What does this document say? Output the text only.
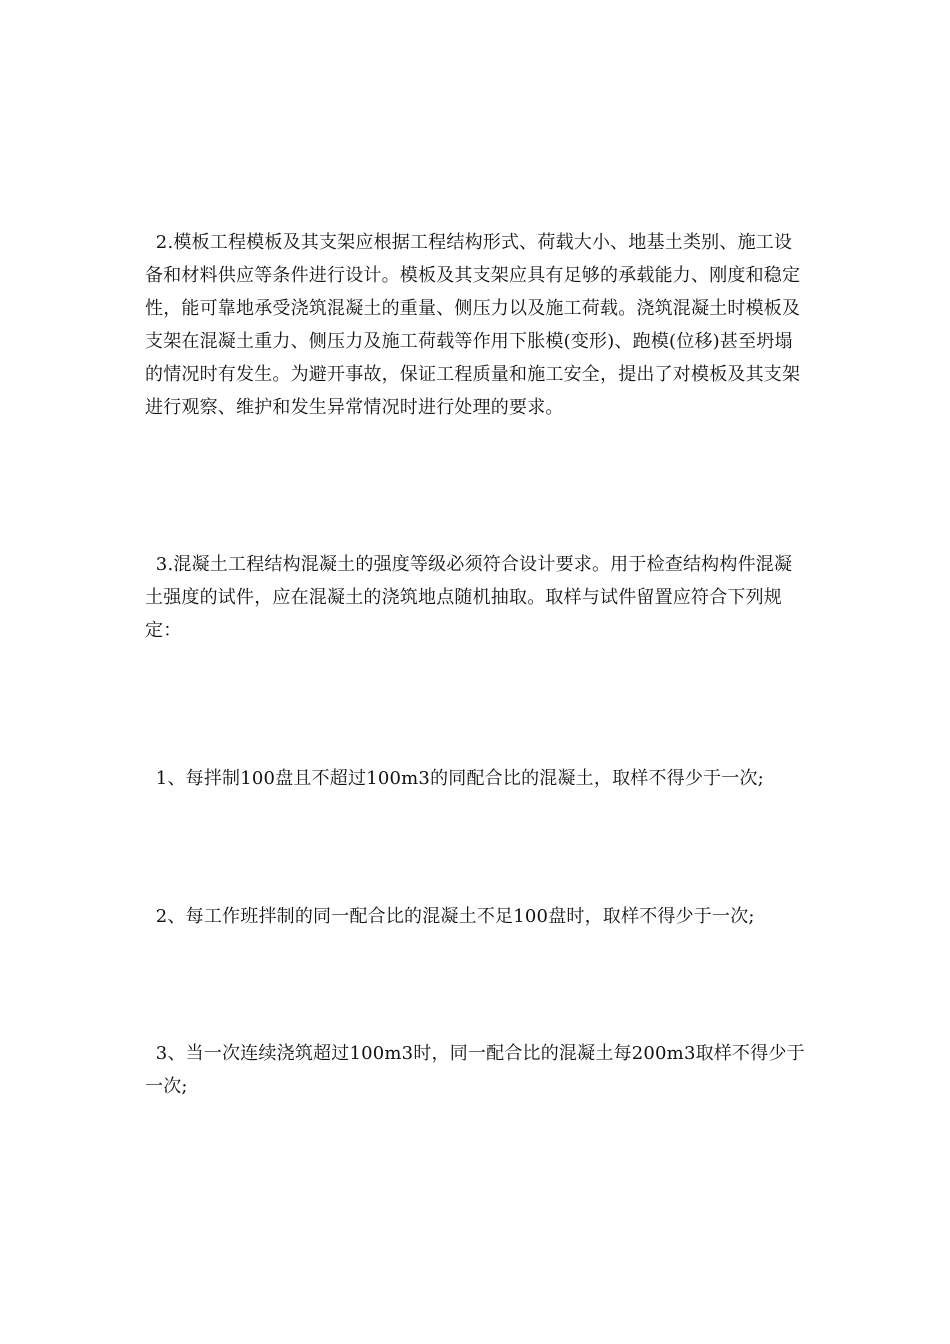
2.模板工程模板及其支架应根据工程结构形式、荷载大小、地基土类别、施工设备和材料供应等条件进行设计。模板及其支架应具有足够的承载能力、刚度和稳定性，能可靠地承受浇筑混凝土的重量、侧压力以及施工荷载。浇筑混凝土时模板及支架在混凝土重力、侧压力及施工荷载等作用下胀模(变形)、跑模(位移)甚至坍塌的情况时有发生。为避开事故，保证工程质量和施工安全，提出了对模板及其支架进行观察、维护和发生异常情况时进行处理的要求。

3.混凝土工程结构混凝土的强度等级必须符合设计要求。用于检查结构构件混凝土强度的试件，应在混凝土的浇筑地点随机抽取。取样与试件留置应符合下列规定：

1、每拌制100盘且不超过100m3的同配合比的混凝土，取样不得少于一次;

2、每工作班拌制的同一配合比的混凝土不足100盘时，取样不得少于一次;

3、当一次连续浇筑超过100m3时，同一配合比的混凝土每200m3取样不得少于一次;
